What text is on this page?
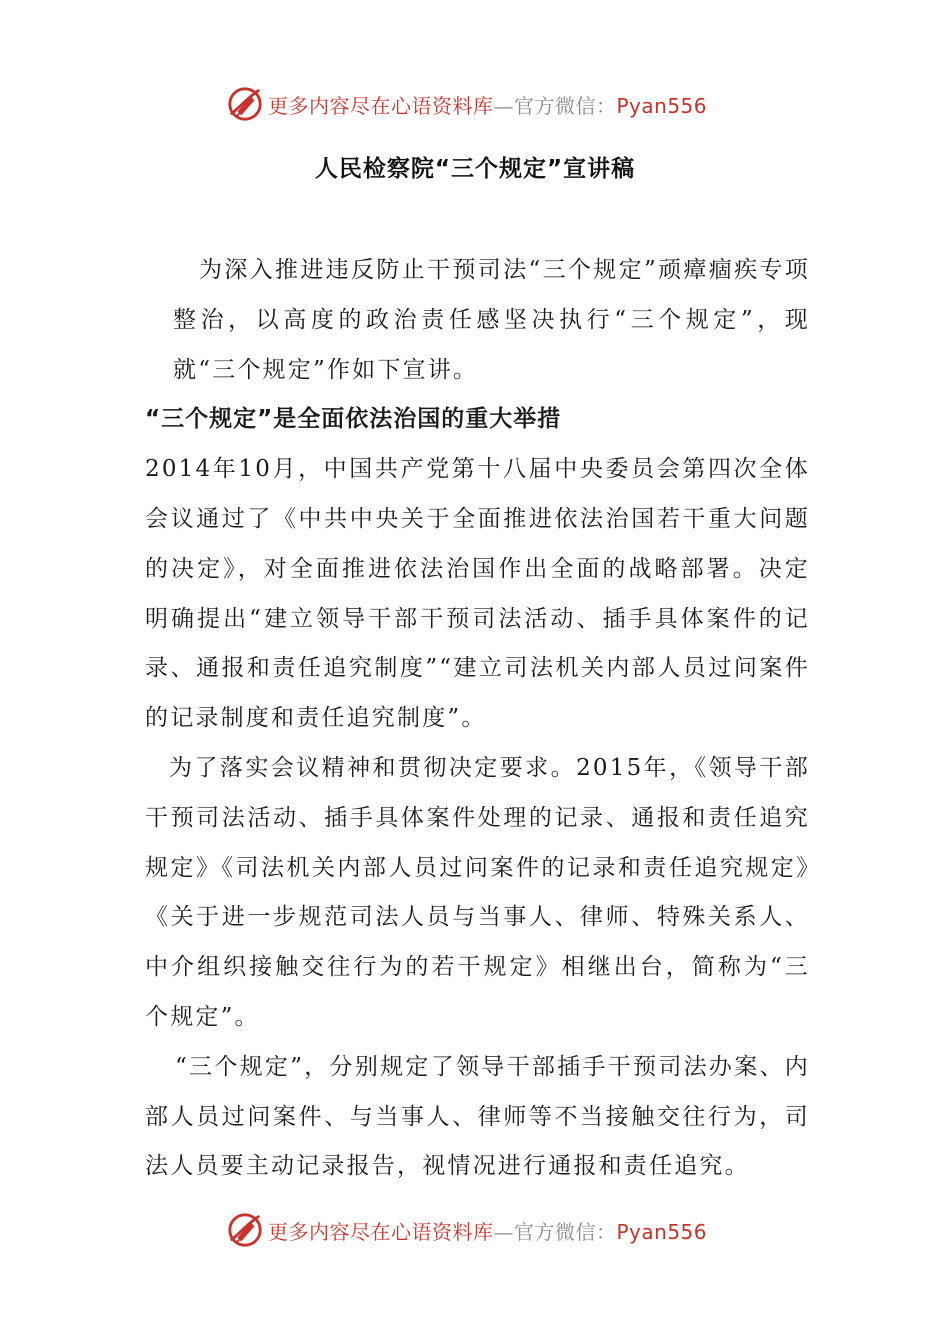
更多内容尽在心语资料库—官方微信：Pyan556
人民检察院“三个规定”宣讲稿

为深入推进违反防止干预司法“三个规定”顽瘴痼疾专项整治，以高度的政治责任感坚决执行“三个规定”，现就“三个规定”作如下宣讲。

“三个规定”是全面依法治国的重大举措

2014年10月，中国共产党第十八届中央委员会第四次全体会议通过了《中共中央关于全面推进依法治国若干重大问题的决定》，对全面推进依法治国作出全面的战略部署。决定明确提出“建立领导干部干预司法活动、插手具体案件的记录、通报和责任追究制度”“建立司法机关内部人员过问案件的记录制度和责任追究制度”。

为了落实会议精神和贯彻决定要求。2015年，《领导干部干预司法活动、插手具体案件处理的记录、通报和责任追究规定》《司法机关内部人员过问案件的记录和责任追究规定》《关于进一步规范司法人员与当事人、律师、特殊关系人、中介组织接触交往行为的若干规定》相继出台，简称为“三个规定”。

“三个规定”，分别规定了领导干部插手干预司法办案、内部人员过问案件、与当事人、律师等不当接触交往行为，司法人员要主动记录报告，视情况进行通报和责任追究。

更多内容尽在心语资料库—官方微信：Pyan556
